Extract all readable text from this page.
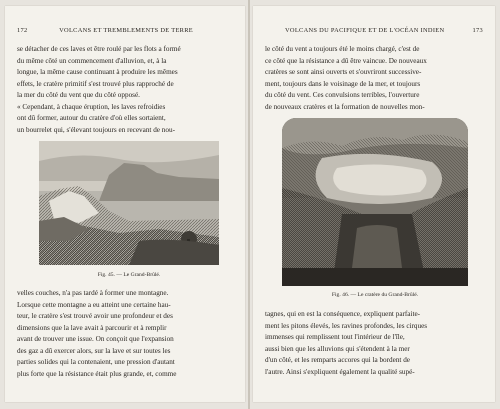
172	VOLCANS ET TREMBLEMENTS DE TERRE
se détacher de ces laves et être roulé par les flots a formé
du même côté un commencement d'alluvion, et, à la
longue, la même cause continuant à produire les mêmes
effets, le cratère primitif s'est trouvé plus rapproché de
la mer du côté du vent que du côté opposé.
« Cependant, à chaque éruption, les laves refroidies
ont dû former, autour du cratère d'où elles sortaient,
un bourrelet qui, s'élevant toujours en recevant de nou-
Fig. 45. — Le Grand-Brûlé.
velles couches, n'a pas tardé à former une montagne.
Lorsque cette montagne a eu atteint une certaine hau-
teur, le cratère s'est trouvé avoir une profondeur et des
dimensions que la lave avait à parcourir et à remplir
avant de trouver une issue. On conçoit que l'expansion
des gaz a dû exercer alors, sur la lave et sur toutes les
parties solides qui la contenaient, une pression d'autant
plus forte que la résistance était plus grande, et, comme
VOLCANS DU PACIFIQUE ET DE L'OCÉAN INDIEN	173
le côté du vent a toujours été le moins chargé, c'est de
ce côté que la résistance a dû être vaincue. De nouveaux
cratères se sont ainsi ouverts et s'ouvriront successive-
ment, toujours dans le voisinage de la mer, et toujours
du côté du vent. Ces convulsions terribles, l'ouverture
de nouveaux cratères et la formation de nouvelles mon-
Fig. 46. — Le cratère du Grand-Brûlé.
tagnes, qui en est la conséquence, expliquent parfaite-
ment les pitons élevés, les ravines profondes, les cirques
immenses qui remplissent tout l'intérieur de l'île,
aussi bien que les alluvions qui s'étendent à la mer
d'un côté, et les remparts accores qui la bordent de
l'autre. Ainsi s'expliquent également la qualité supé-
